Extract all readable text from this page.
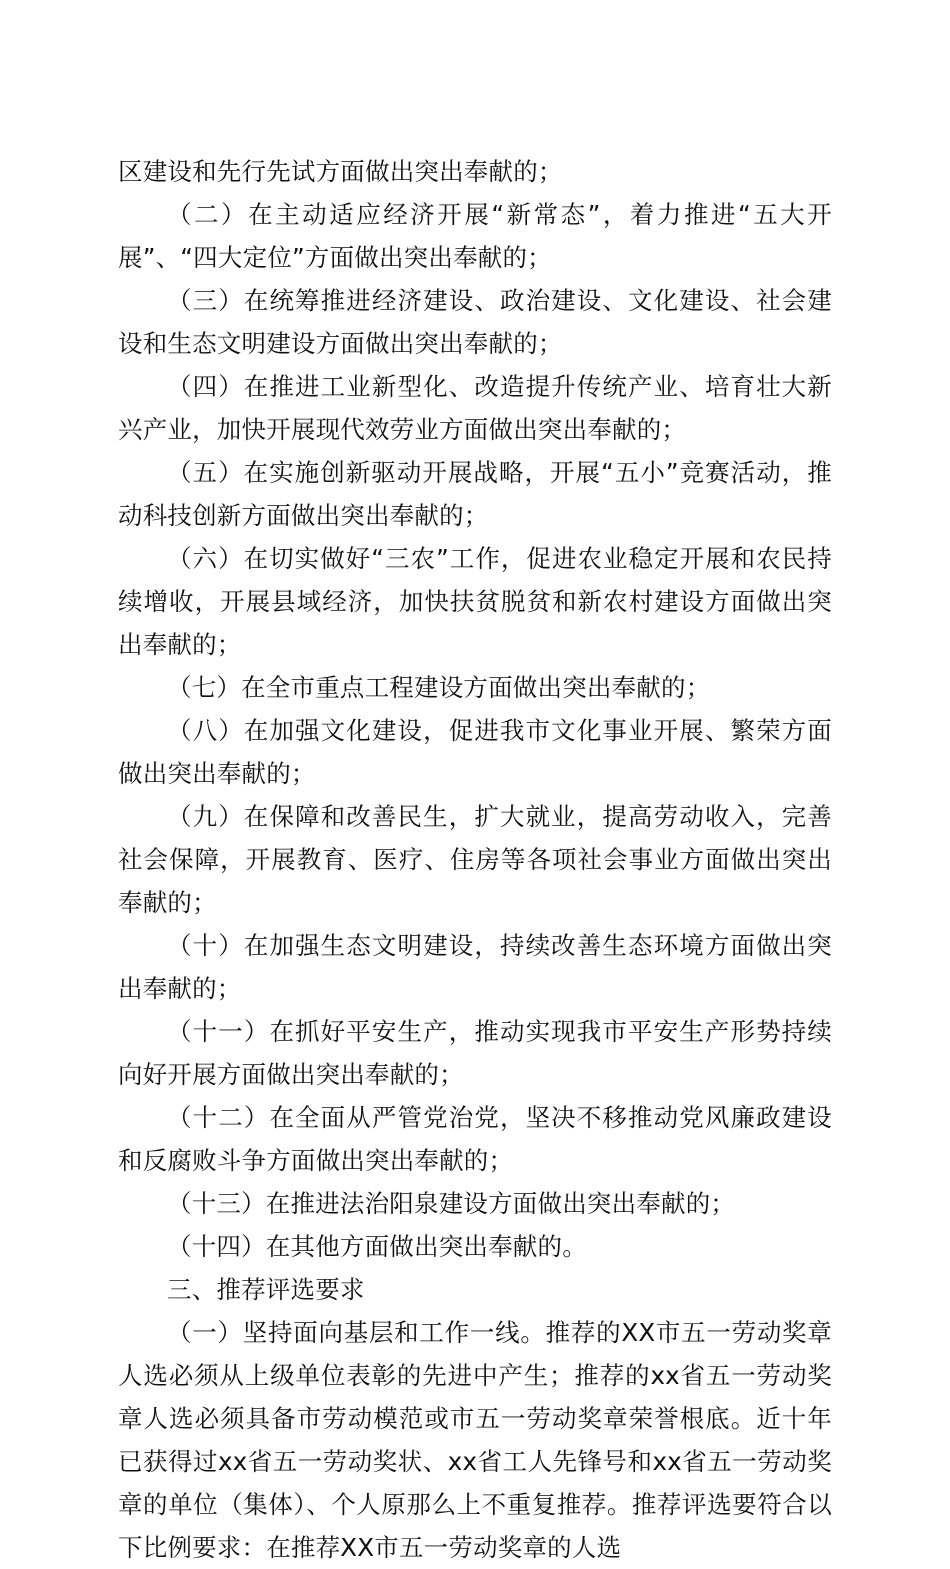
区建设和先行先试方面做出突出奉献的；

（二）在主动适应经济开展“新常态”，着力推进“五大开展”、“四大定位”方面做出突出奉献的；

（三）在统筹推进经济建设、政治建设、文化建设、社会建设和生态文明建设方面做出突出奉献的；

（四）在推进工业新型化、改造提升传统产业、培育壮大新兴产业，加快开展现代效劳业方面做出突出奉献的；

（五）在实施创新驱动开展战略，开展“五小”竞赛活动，推动科技创新方面做出突出奉献的；

（六）在切实做好“三农”工作，促进农业稳定开展和农民持续增收，开展县域经济，加快扶贫脱贫和新农村建设方面做出突出奉献的；

（七）在全市重点工程建设方面做出突出奉献的；

（八）在加强文化建设，促进我市文化事业开展、繁荣方面做出突出奉献的；

（九）在保障和改善民生，扩大就业，提高劳动收入，完善社会保障，开展教育、医疗、住房等各项社会事业方面做出突出奉献的；

（十）在加强生态文明建设，持续改善生态环境方面做出突出奉献的；

（十一）在抓好平安生产，推动实现我市平安生产形势持续向好开展方面做出突出奉献的；

（十二）在全面从严管党治党，坚决不移推动党风廉政建设和反腐败斗争方面做出突出奉献的；

（十三）在推进法治阳泉建设方面做出突出奉献的；

（十四）在其他方面做出突出奉献的。

三、推荐评选要求

（一）坚持面向基层和工作一线。推荐的XX市五一劳动奖章人选必须从上级单位表彰的先进中产生；推荐的xx省五一劳动奖章人选必须具备市劳动模范或市五一劳动奖章荣誉根底。近十年已获得过xx省五一劳动奖状、xx省工人先锋号和xx省五一劳动奖章的单位（集体）、个人原那么上不重复推荐。推荐评选要符合以下比例要求：在推荐XX市五一劳动奖章的人选
